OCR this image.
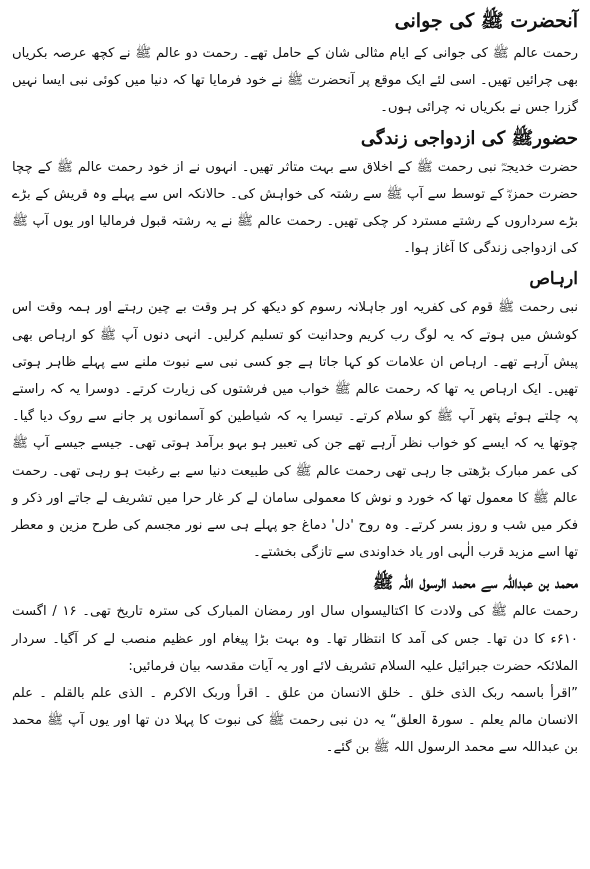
آنحضرت ﷺ کی جوانی

رحمت عالم ﷺ کی جوانی کے ایام مثالی شان کے حامل تھے۔ رحمت دو عالم ﷺ نے کچھ عرصہ بکریاں بھی چرائیں تھیں۔ اسی لئے ایک موقع پر آنحضرت ﷺ نے خود فرمایا تھا کہ دنیا میں کوئی نبی ایسا نہیں گزرا جس نے بکریاں نہ چرائی ہوں۔

حضورﷺ کی ازدواجی زندگی

حضرت خدیجہؓ نبی رحمت ﷺ کے اخلاق سے بہت متاثر تھیں۔ انہوں نے از خود رحمت عالم ﷺ کے چچا حضرت حمزہؓ کے توسط سے آپ ﷺ سے رشتہ کی خواہش کی۔ حالانکہ اس سے پہلے وہ قریش کے بڑے بڑے سرداروں کے رشتے مسترد کر چکی تھیں۔ رحمت عالم ﷺ نے یہ رشتہ قبول فرمالیا اور یوں آپ ﷺ کی ازدواجی زندگی کا آغاز ہوا۔

ارہاص

نبی رحمت ﷺ قوم کی کفریہ اور جاہلانہ رسوم کو دیکھ کر ہر وقت بے چین رہتے اور ہمہ وقت اس کوشش میں ہوتے کہ یہ لوگ رب کریم وحدانیت کو تسلیم کرلیں۔ انہی دنوں آپ ﷺ کو ارہاص بھی پیش آرہے تھے۔ ارہاص ان علامات کو کہا جاتا ہے جو کسی نبی سے نبوت ملنے سے پہلے ظاہر ہوتی تھیں۔ ایک ارہاص یہ تھا کہ رحمت عالم ﷺ خواب میں فرشتوں کی زیارت کرتے۔ دوسرا یہ کہ راستے پہ چلتے ہوئے پتھر آپ ﷺ کو سلام کرتے۔ تیسرا یہ کہ شیاطین کو آسمانوں پر جانے سے روک دیا گیا۔ چوتھا یہ کہ ایسے کو خواب نظر آرہے تھے جن کی تعبیر ہو بہو برآمد ہوتی تھی۔ جیسے جیسے آپ ﷺ کی عمر مبارک بڑھتی جا رہی تھی رحمت عالم ﷺ کی طبیعت دنیا سے بے رغبت ہو رہی تھی۔ رحمت عالم ﷺ کا معمول تھا کہ خورد و نوش کا معمولی سامان لے کر غار حرا میں تشریف لے جاتے اور ذکر و فکر میں شب و روز بسر کرتے۔ وہ روح 'دل' دماغ جو پہلے ہی سے نور مجسم کی طرح مزین و معطر تھا اسے مزید قرب الٰہی اور یاد خداوندی سے تازگی بخشتے۔

محمد بن عبداللہ سے محمد الرسول اللہ ﷺ

رحمت عالم ﷺ کی ولادت کا اکتالیسواں سال اور رمضان المبارک کی سترہ تاریخ تھی۔ ۱۶ / اگست ۶۱۰ء کا دن تھا۔ جس کی آمد کا انتظار تھا۔ وہ بہت بڑا پیغام اور عظیم منصب لے کر آگیا۔ سردار الملائکہ حضرت جبرائیل علیہ السلام تشریف لائے اور یہ آیات مقدسہ بیان فرمائیں:

”اقرأ باسمہ ربک الذی خلق ۔ خلق الانسان من علق ۔ اقرأ وربک الاکرم ۔ الذی علم بالقلم ۔ علم الانسان مالم یعلم ۔ سورۃ العلق“ یہ دن نبی رحمت ﷺ کی نبوت کا پہلا دن تھا اور یوں آپ ﷺ محمد بن عبداللہ سے محمد الرسول اللہ ﷺ بن گئے۔
